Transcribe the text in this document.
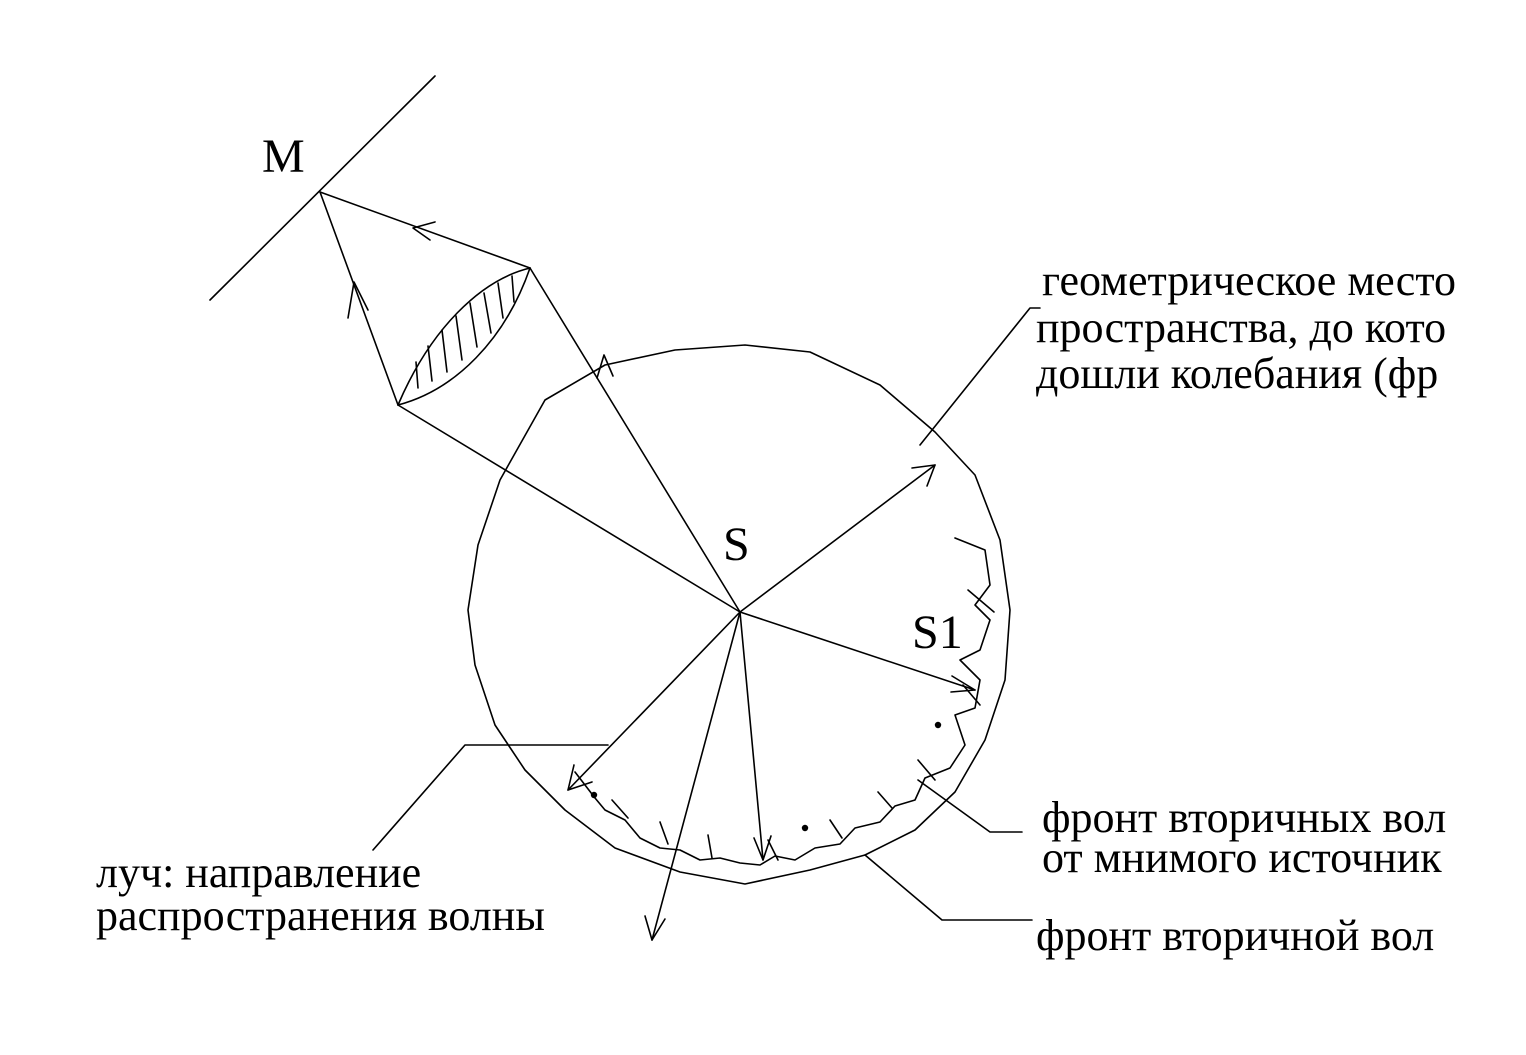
M
S
S1
геометрическое место
пространства, до кото
дошли колебания (фр
луч: направление
распространения волны
фронт вторичных вол
от мнимого источник
фронт вторичной вол
